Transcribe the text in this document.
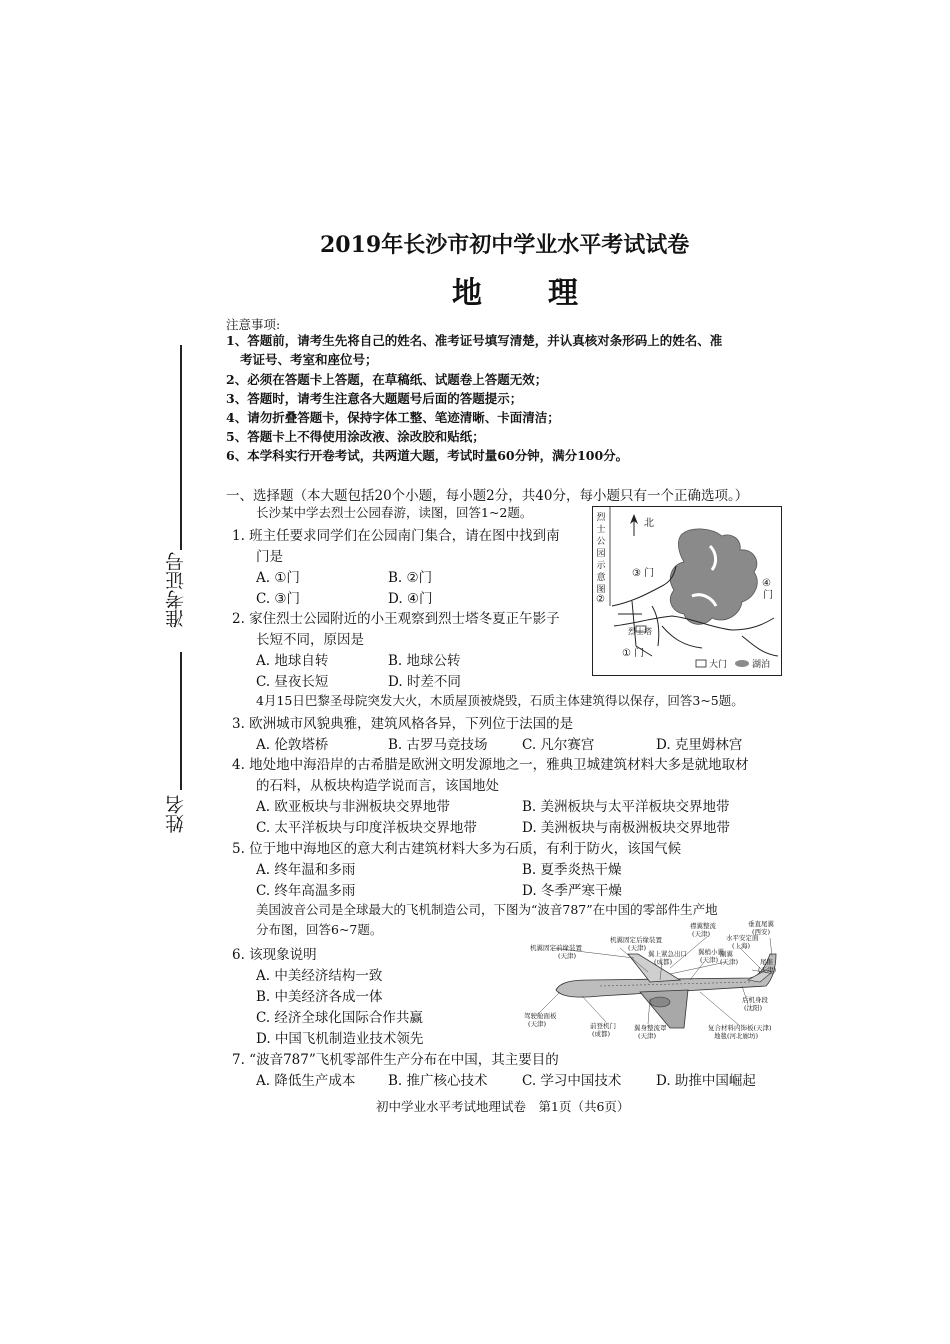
2019年长沙市初中学业水平考试试卷
地　　理
准考证号
姓名
注意事项:
1、答题前，请考生先将自己的姓名、准考证号填写清楚，并认真核对条形码上的姓名、准
考证号、考室和座位号；
2、必须在答题卡上答题，在草稿纸、试题卷上答题无效；
3、答题时，请考生注意各大题题号后面的答题提示；
4、请勿折叠答题卡，保持字体工整、笔迹清晰、卡面清洁；
5、答题卡上不得使用涂改液、涂改胶和贴纸；
6、本学科实行开卷考试，共两道大题，考试时量60分钟，满分100分。
一、选择题（本大题包括20个小题，每小题2分，共40分，每小题只有一个正确选项。）
长沙某中学去烈士公园春游，读图，回答1~2题。
1. 班主任要求同学们在公园南门集合，请在图中找到南
门是
A. ①门	B. ②门
C. ③门	D. ④门
2. 家住烈士公园附近的小王观察到烈士塔冬夏正午影子
长短不同，原因是
A. 地球自转	B. 地球公转
C. 昼夜长短	D. 时差不同
烈
士
公
园
示
意
图
北
③ 门
④
门
②
① 门
烈士塔
大门	湖泊
4月15日巴黎圣母院突发大火，木质屋顶被烧毁，石质主体建筑得以保存，回答3~5题。
3. 欧洲城市风貌典雅，建筑风格各异，下列位于法国的是
A. 伦敦塔桥	B. 古罗马竞技场	C. 凡尔赛宫	D. 克里姆林宫
4. 地处地中海沿岸的古希腊是欧洲文明发源地之一，雅典卫城建筑材料大多是就地取材
的石料，从板块构造学说而言，该国地处
A. 欧亚板块与非洲板块交界地带	B. 美洲板块与太平洋板块交界地带
C. 太平洋板块与印度洋板块交界地带	D. 美洲板块与南极洲板块交界地带
5. 位于地中海地区的意大利古建筑材料大多为石质，有利于防火，该国气候
A. 终年温和多雨	B. 夏季炎热干燥
C. 终年高温多雨	D. 冬季严寒干燥
美国波音公司是全球最大的飞机制造公司，下图为“波音787”在中国的零部件生产地
分布图，回答6~7题。
6. 该现象说明
A. 中美经济结构一致
B. 中美经济各成一体
C. 经济全球化国际合作共赢
D. 中国飞机制造业技术领先
垂直尾翼
(西安)
襟翼整流
(天津) 水平安定面
(上海)
机翼固定前缘装置
(天津)
机翼固定后缘装置
(天津)	翼梢小翼
(天津)
翼上紧急出口
(成都)
副翼
(天津)	尾锥
(天津)
后机身段
(沈阳)
驾驶舱面板
(天津)	前登机门
(成都)
翼身整流罩
(天津)
复合材料内饰板(天津)
地毯(河北廊坊)
7. “波音787”飞机零部件生产分布在中国，其主要目的
A. 降低生产成本 B. 推广核心技术	C. 学习中国技术	D. 助推中国崛起
初中学业水平考试地理试卷　第1页（共6页）
